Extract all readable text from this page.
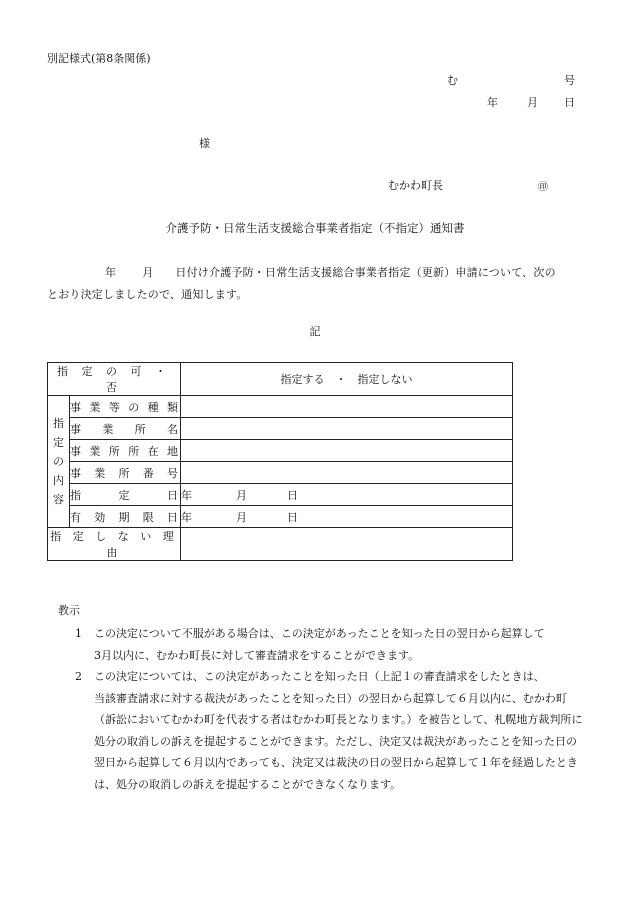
別記様式(第8条関係)
む	号
年	月 日
様
むかわ町長	㊞
介護予防・日常生活支援総合事業者指定（不指定）通知書
年 月 日付け介護予防・日常生活支援総合事業者指定（更新）申請について、次の
とおり決定しましたので、通知します。
記
指 定 の 可 ・ 否		指定する　・　指定しない
指
定
の
内
容	事業等の種類	
	事業所名	
	事業所所在地	
	事業所番号	
	指定日	年 月 日
	有効期限日	年 月 日
指 定 し な い 理 由		
教示
1 この決定について不服がある場合は、この決定があったことを知った日の翌日から起算して
3月以内に、むかわ町長に対して審査請求をすることができます。
2 この決定については、この決定があったことを知った日（上記１の審査請求をしたときは、
当該審査請求に対する裁決があったことを知った日）の翌日から起算して６月以内に、むかわ町（訴訟においてむかわ町を代表する者はむかわ町長となります。）を被告として、札幌地方裁判所に処分の取消しの訴えを提起することができます。ただし、決定又は裁決があったことを知った日の翌日から起算して６月以内であっても、決定又は裁決の日の翌日から起算して１年を経過したときは、処分の取消しの訴えを提起することができなくなります。
